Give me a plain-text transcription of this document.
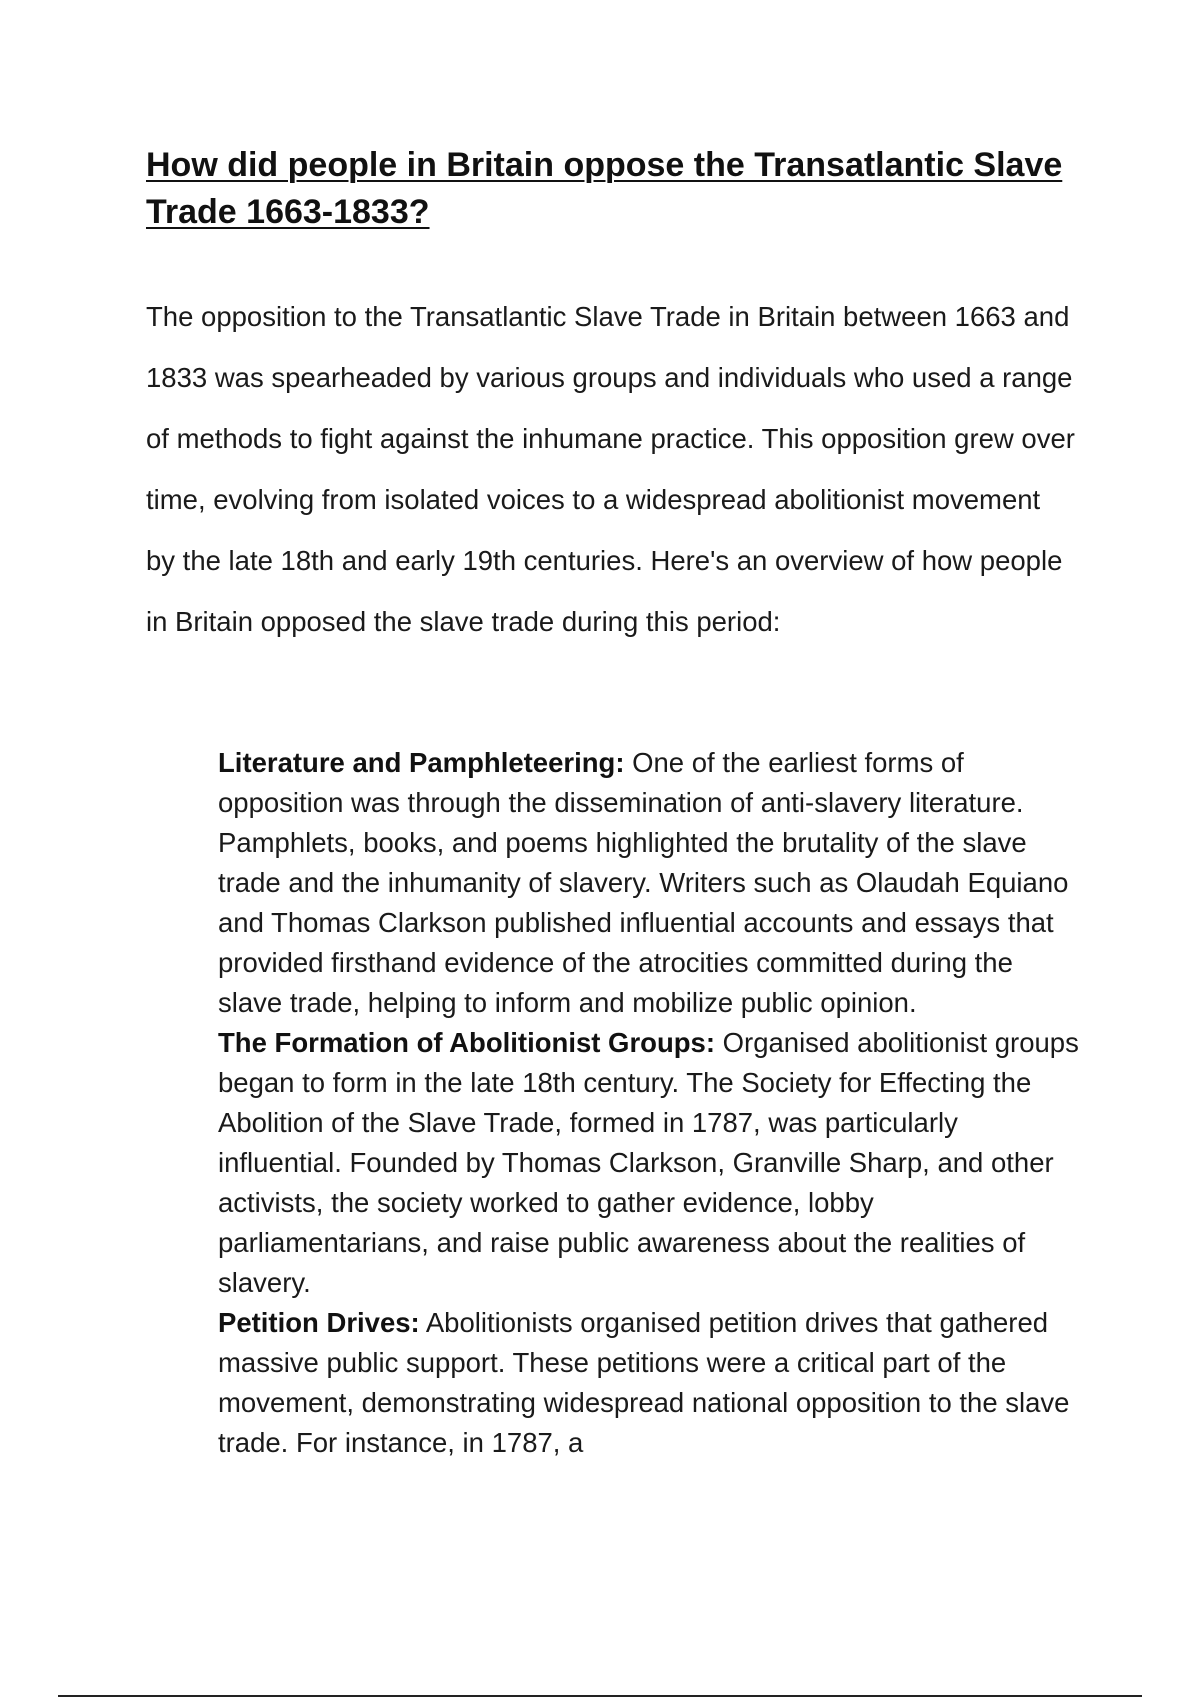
How did people in Britain oppose the Transatlantic Slave Trade 1663-1833?

The opposition to the Transatlantic Slave Trade in Britain between 1663 and 1833 was spearheaded by various groups and individuals who used a range of methods to fight against the inhumane practice. This opposition grew over time, evolving from isolated voices to a widespread abolitionist movement by the late 18th and early 19th centuries. Here's an overview of how people in Britain opposed the slave trade during this period:

Literature and Pamphleteering: One of the earliest forms of opposition was through the dissemination of anti-slavery literature. Pamphlets, books, and poems highlighted the brutality of the slave trade and the inhumanity of slavery. Writers such as Olaudah Equiano and Thomas Clarkson published influential accounts and essays that provided firsthand evidence of the atrocities committed during the slave trade, helping to inform and mobilize public opinion.
The Formation of Abolitionist Groups: Organised abolitionist groups began to form in the late 18th century. The Society for Effecting the Abolition of the Slave Trade, formed in 1787, was particularly influential. Founded by Thomas Clarkson, Granville Sharp, and other activists, the society worked to gather evidence, lobby parliamentarians, and raise public awareness about the realities of slavery.
Petition Drives: Abolitionists organised petition drives that gathered massive public support. These petitions were a critical part of the movement, demonstrating widespread national opposition to the slave trade. For instance, in 1787, a
